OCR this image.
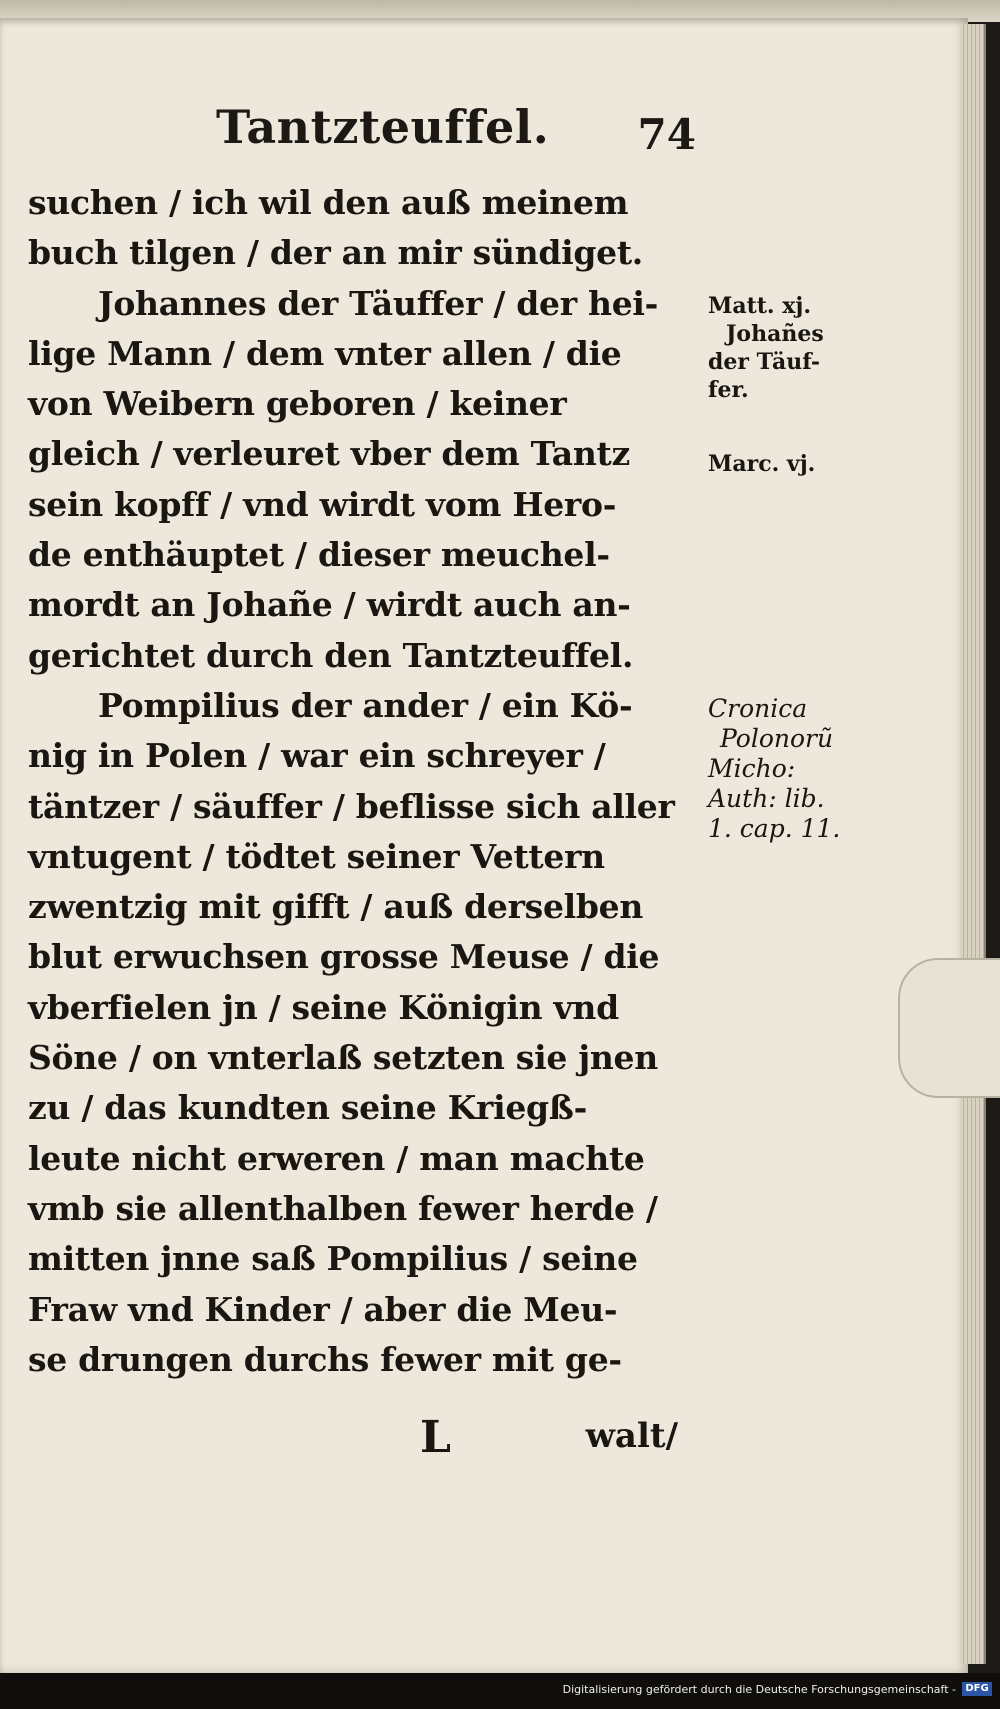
Tantzteuffel. 74
suchen / ich wil den auß meinem
buch tilgen / der an mir sündiget.
Johannes der Täuffer / der hei-
lige Mann / dem vnter allen / die
von Weibern geboren / keiner
gleich / verleuret vber dem Tantz
sein kopff / vnd wirdt vom Hero-
de enthäuptet / dieser meuchel-
mordt an Johañe / wirdt auch an-
gerichtet durch den Tantzteuffel.
Pompilius der ander / ein Kö-
nig in Polen / war ein schreyer /
täntzer / säuffer / beflisse sich aller
vntugent / tödtet seiner Vettern
zwentzig mit gifft / auß derselben
blut erwuchsen grosse Meuse / die
vberfielen jn / seine Königin vnd
Söne / on vnterlaß setzten sie jnen
zu / das kundten seine Kriegß-
leute nicht erweren / man machte
vmb sie allenthalben fewer herde /
mitten jnne saß Pompilius / seine
Fraw vnd Kinder / aber die Meu-
se drungen durchs fewer mit ge-
L	walt/
Matt. xj.
Johañes
der Täuf-
fer.
Marc. vj.
Cronica
Polonorũ
Micho:
Auth: lib.
1. cap. 11.
Digitalisierung gefördert durch die Deutsche Forschungsgemeinschaft - DFG
